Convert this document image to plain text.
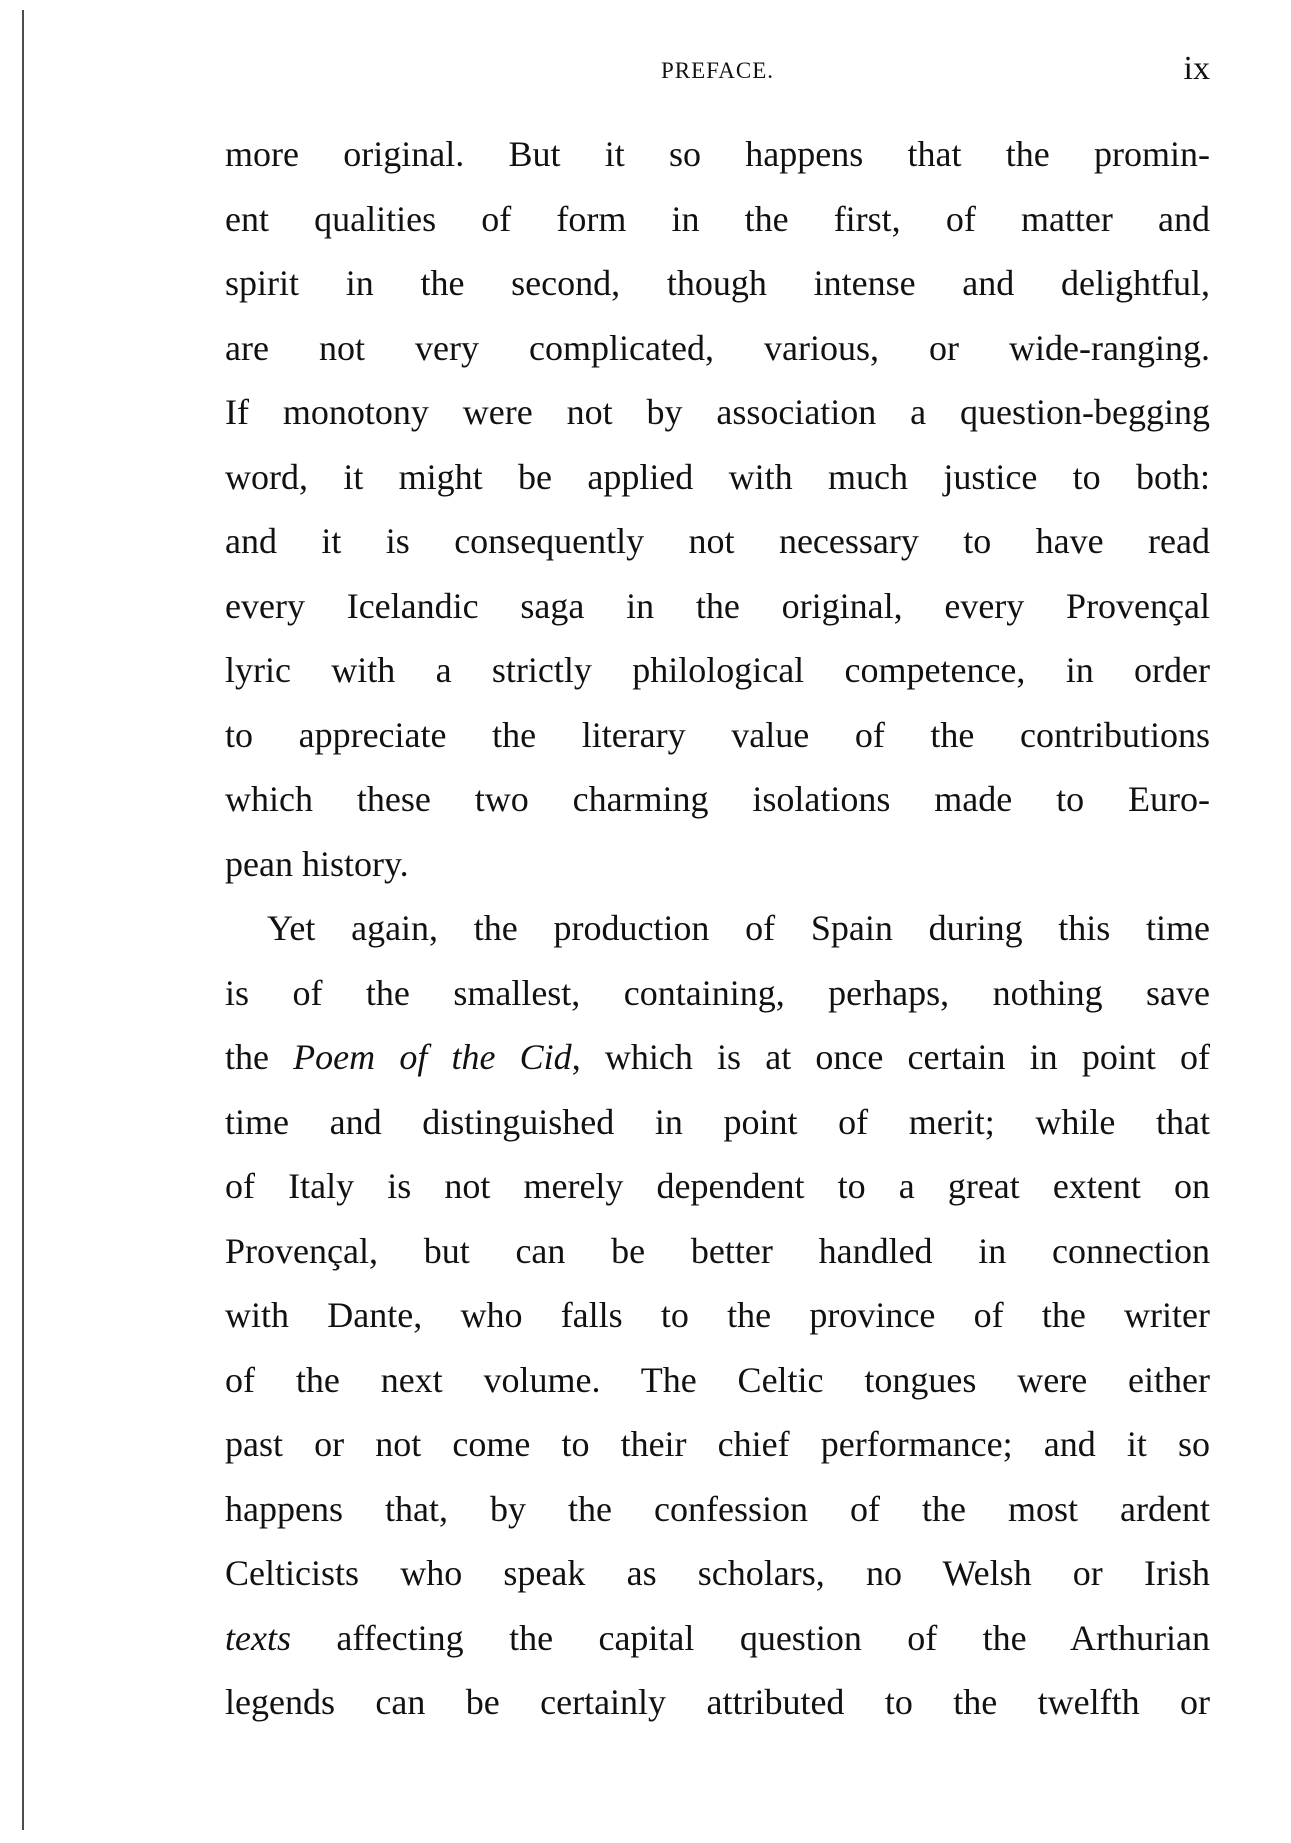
PREFACE.	ix
more original. But it so happens that the promin-
ent qualities of form in the first, of matter and
spirit in the second, though intense and delightful,
are not very complicated, various, or wide-ranging.
If monotony were not by association a question-begging
word, it might be applied with much justice to both:
and it is consequently not necessary to have read
every Icelandic saga in the original, every Provençal
lyric with a strictly philological competence, in order
to appreciate the literary value of the contributions
which these two charming isolations made to Euro-
pean history.
Yet again, the production of Spain during this time
is of the smallest, containing, perhaps, nothing save
the Poem of the Cid, which is at once certain in point of
time and distinguished in point of merit; while that
of Italy is not merely dependent to a great extent on
Provençal, but can be better handled in connection
with Dante, who falls to the province of the writer
of the next volume. The Celtic tongues were either
past or not come to their chief performance; and it so
happens that, by the confession of the most ardent
Celticists who speak as scholars, no Welsh or Irish
texts affecting the capital question of the Arthurian
legends can be certainly attributed to the twelfth or
